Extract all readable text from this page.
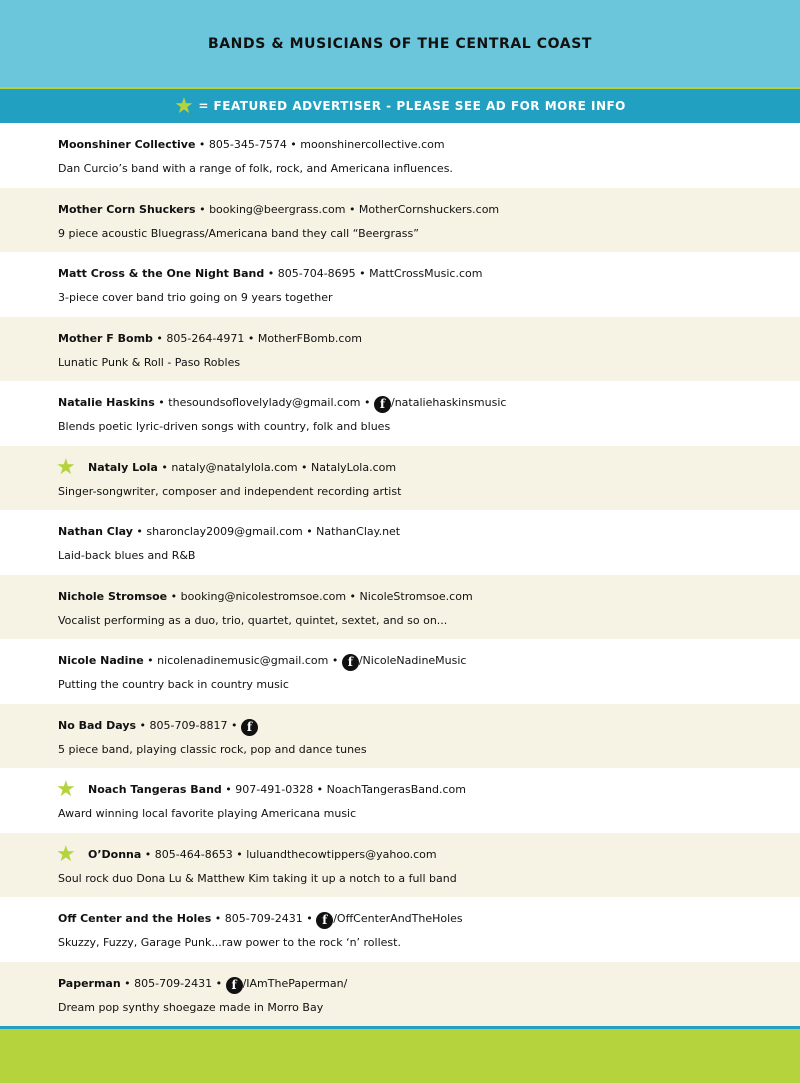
BANDS & MUSICIANS OF THE CENTRAL COAST
★ = FEATURED ADVERTISER - PLEASE SEE AD FOR MORE INFO
Moonshiner Collective • 805-345-7574 • moonshinercollective.com
Dan Curcio’s band with a range of folk, rock, and Americana influences.
Mother Corn Shuckers • booking@beergrass.com • MotherCornshuckers.com
9 piece acoustic Bluegrass/Americana band they call “Beergrass”
Matt Cross & the One Night Band • 805-704-8695 • MattCrossMusic.com
3-piece cover band trio going on 9 years together
Mother F Bomb • 805-264-4971 • MotherFBomb.com
Lunatic Punk & Roll - Paso Robles
Natalie Haskins • thesoundsoflovelylady@gmail.com • f /nataliehaskinsmusic
Blends poetic lyric-driven songs with country, folk and blues
★	Nataly Lola • nataly@natalylola.com • NatalyLola.com
Singer-songwriter, composer and independent recording artist
Nathan Clay • sharonclay2009@gmail.com • NathanClay.net
Laid-back blues and R&B
Nichole Stromsoe • booking@nicolestromsoe.com • NicoleStromsoe.com
Vocalist performing as a duo, trio, quartet, quintet, sextet, and so on...
Nicole Nadine • nicolenadinemusic@gmail.com • f /NicoleNadineMusic
Putting the country back in country music
No Bad Days • 805-709-8817 • f
5 piece band, playing classic rock, pop and dance tunes
★	Noach Tangeras Band • 907-491-0328 • NoachTangerasBand.com
Award winning local favorite playing Americana music
★	O’Donna • 805-464-8653 • luluandthecowtippers@yahoo.com
Soul rock duo Dona Lu & Matthew Kim taking it up a notch to a full band
Off Center and the Holes • 805-709-2431 • f /OffCenterAndTheHoles
Skuzzy, Fuzzy, Garage Punk...raw power to the rock ‘n’ rollest.
Paperman • 805-709-2431 • f /IAmThePaperman/
Dream pop synthy shoegaze made in Morro Bay
